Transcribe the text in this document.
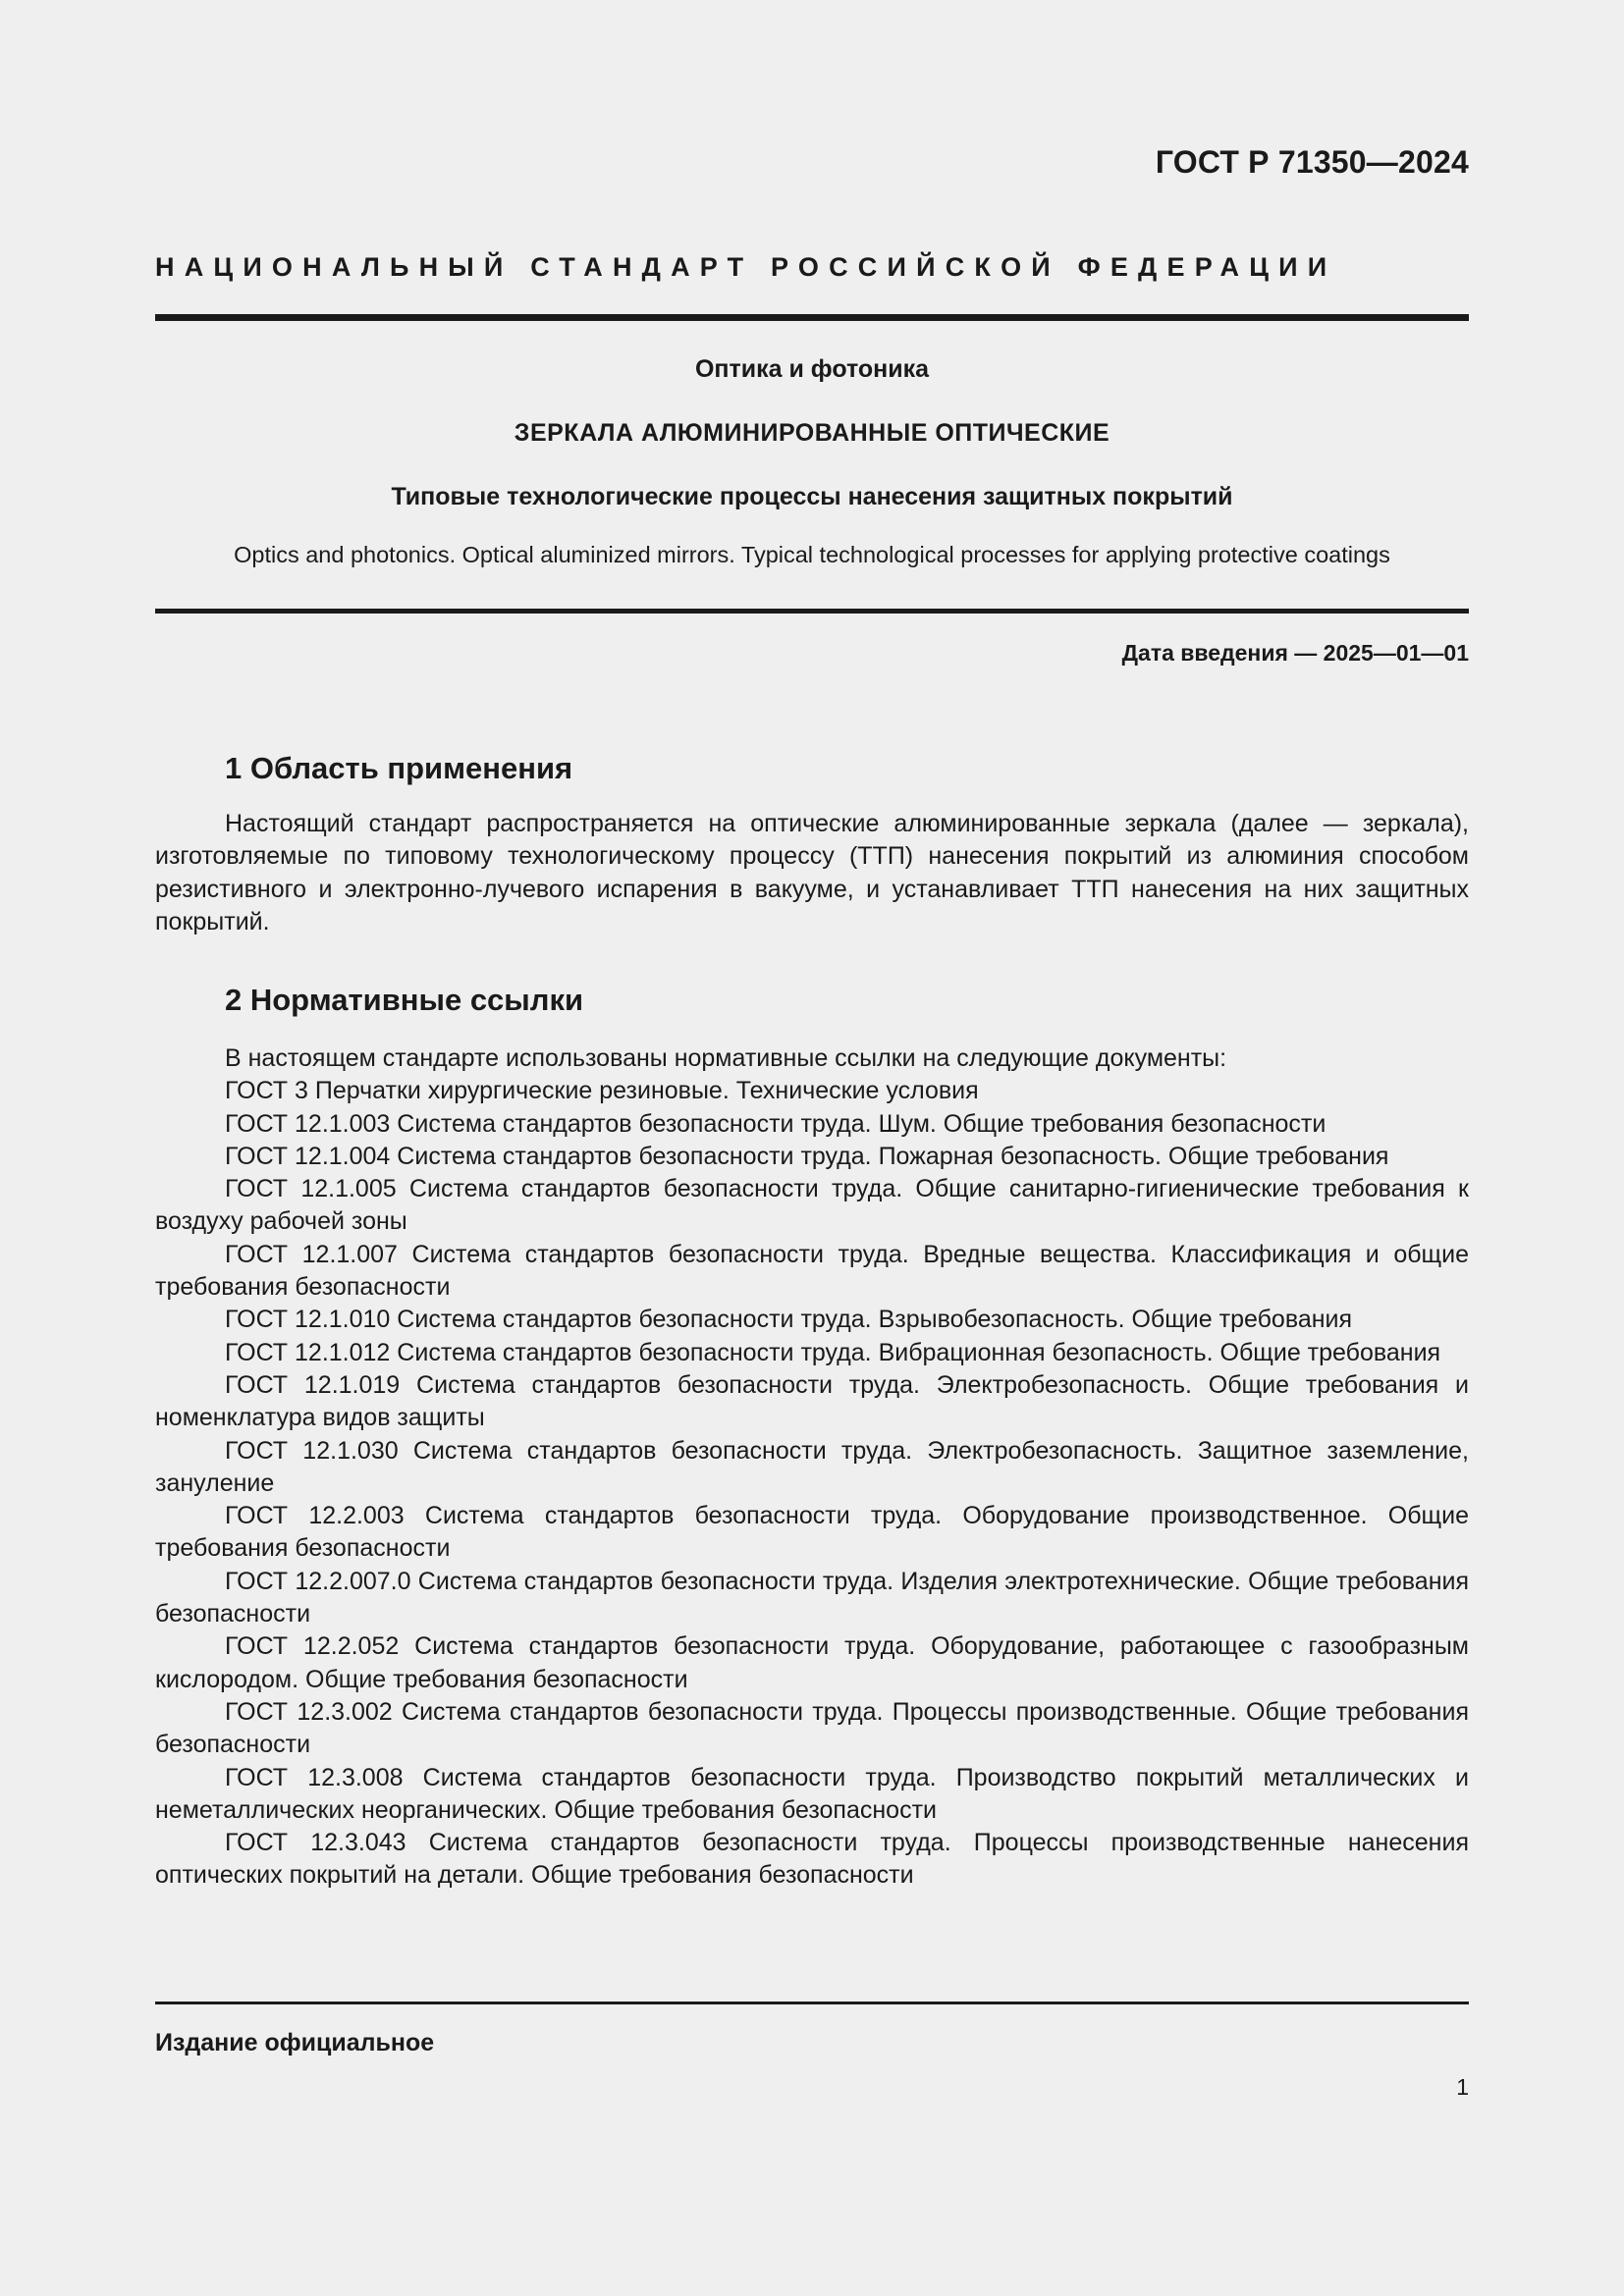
ГОСТ Р 71350—2024
НАЦИОНАЛЬНЫЙ СТАНДАРТ РОССИЙСКОЙ ФЕДЕРАЦИИ
Оптика и фотоника
ЗЕРКАЛА АЛЮМИНИРОВАННЫЕ ОПТИЧЕСКИЕ
Типовые технологические процессы нанесения защитных покрытий
Optics and photonics. Optical aluminized mirrors. Typical technological processes for applying protective coatings
Дата введения — 2025—01—01
1 Область применения

Настоящий стандарт распространяется на оптические алюминированные зеркала (далее — зеркала), изготовляемые по типовому технологическому процессу (ТТП) нанесения покрытий из алюминия способом резистивного и электронно-лучевого испарения в вакууме, и устанавливает ТТП нанесения на них защитных покрытий.

2 Нормативные ссылки

В настоящем стандарте использованы нормативные ссылки на следующие документы:

ГОСТ 3 Перчатки хирургические резиновые. Технические условия

ГОСТ 12.1.003 Система стандартов безопасности труда. Шум. Общие требования безопасности

ГОСТ 12.1.004 Система стандартов безопасности труда. Пожарная безопасность. Общие требования

ГОСТ 12.1.005 Система стандартов безопасности труда. Общие санитарно-гигиенические требования к воздуху рабочей зоны

ГОСТ 12.1.007 Система стандартов безопасности труда. Вредные вещества. Классификация и общие требования безопасности

ГОСТ 12.1.010 Система стандартов безопасности труда. Взрывобезопасность. Общие требования

ГОСТ 12.1.012 Система стандартов безопасности труда. Вибрационная безопасность. Общие требования

ГОСТ 12.1.019 Система стандартов безопасности труда. Электробезопасность. Общие требования и номенклатура видов защиты

ГОСТ 12.1.030 Система стандартов безопасности труда. Электробезопасность. Защитное заземление, зануление

ГОСТ 12.2.003 Система стандартов безопасности труда. Оборудование производственное. Общие требования безопасности

ГОСТ 12.2.007.0 Система стандартов безопасности труда. Изделия электротехнические. Общие требования безопасности

ГОСТ 12.2.052 Система стандартов безопасности труда. Оборудование, работающее с газообразным кислородом. Общие требования безопасности

ГОСТ 12.3.002 Система стандартов безопасности труда. Процессы производственные. Общие требования безопасности

ГОСТ 12.3.008 Система стандартов безопасности труда. Производство покрытий металлических и неметаллических неорганических. Общие требования безопасности

ГОСТ 12.3.043 Система стандартов безопасности труда. Процессы производственные нанесения оптических покрытий на детали. Общие требования безопасности

Издание официальное
1
